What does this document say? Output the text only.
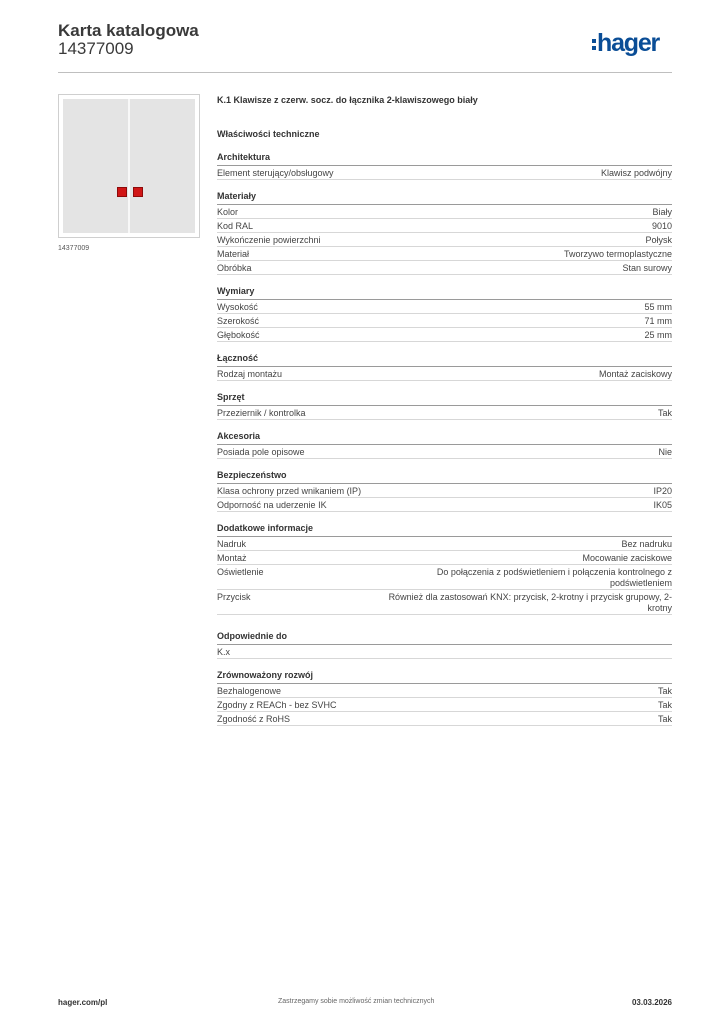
Karta katalogowa
14377009	hager
14377009
K.1 Klawisze z czerw. socz. do łącznika 2-klawiszowego biały
Właściwości techniczne
Architektura
Element sterujący/obsługowy	Klawisz podwójny
Materiały
Kolor	Biały
Kod RAL	9010
Wykończenie powierzchni	Połysk
Materiał	Tworzywo termoplastyczne
Obróbka	Stan surowy
Wymiary
Wysokość	55 mm
Szerokość	71 mm
Głębokość	25 mm
Łączność
Rodzaj montażu	Montaż zaciskowy
Sprzęt
Przeziernik / kontrolka	Tak
Akcesoria
Posiada pole opisowe	Nie
Bezpieczeństwo
Klasa ochrony przed wnikaniem (IP)	IP20
Odporność na uderzenie IK	IK05
Dodatkowe informacje
Nadruk	Bez nadruku
Montaż	Mocowanie zaciskowe
Oświetlenie	Do połączenia z podświetleniem i połączenia kontrolnego z podświetleniem
Przycisk	Również dla zastosowań KNX: przycisk, 2-krotny i przycisk grupowy, 2-krotny
Odpowiednie do
K.x
Zrównoważony rozwój
Bezhalogenowe	Tak
Zgodny z REACh - bez SVHC	Tak
Zgodność z RoHS	Tak
hager.com/pl	Zastrzegamy sobie możliwość zmian technicznych	03.03.2026
